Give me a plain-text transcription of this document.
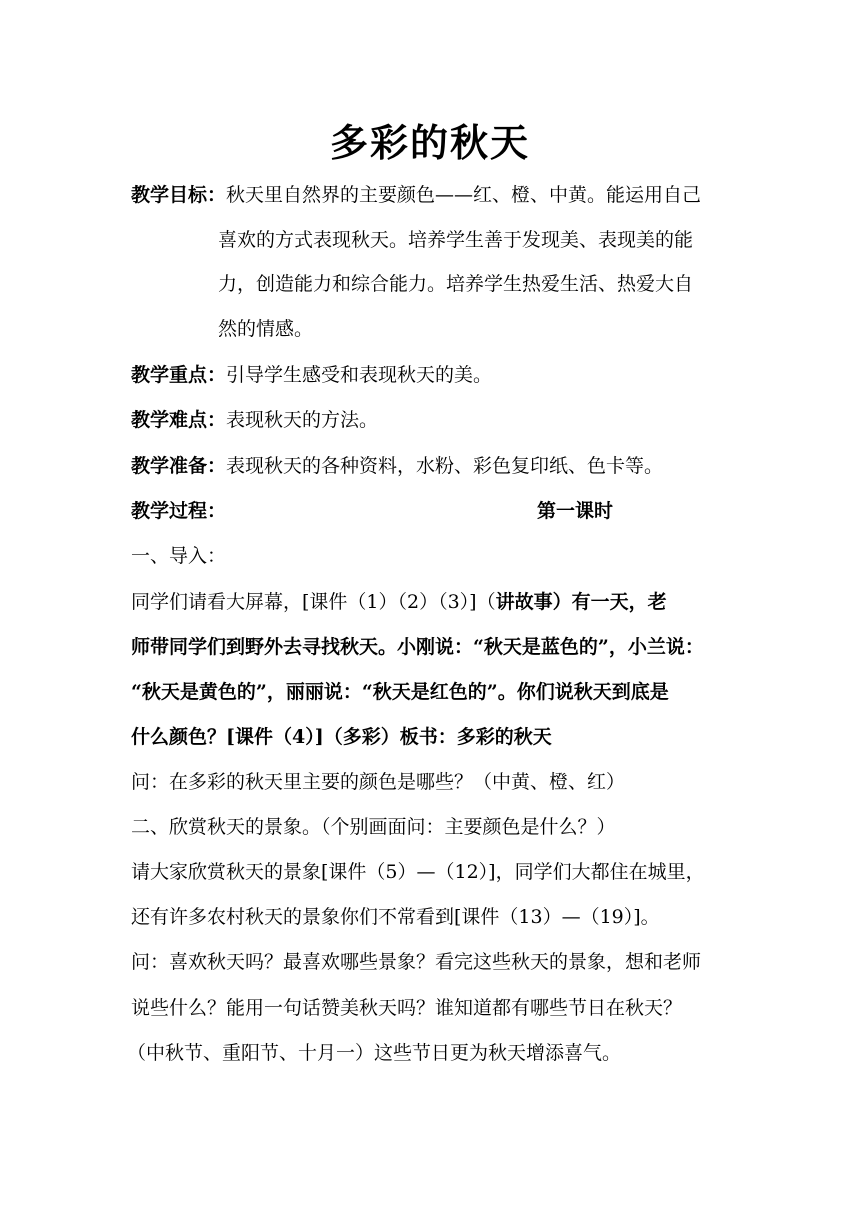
多彩的秋天
教学目标：秋天里自然界的主要颜色——红、橙、中黄。能运用自己
喜欢的方式表现秋天。培养学生善于发现美、表现美的能
力，创造能力和综合能力。培养学生热爱生活、热爱大自
然的情感。
教学重点：引导学生感受和表现秋天的美。
教学难点：表现秋天的方法。
教学准备：表现秋天的各种资料，水粉、彩色复印纸、色卡等。
教学过程：	第一课时
一、导入：
同学们请看大屏幕，[课件（1）（2）（3）]（讲故事）有一天，老
师带同学们到野外去寻找秋天。小刚说：“秋天是蓝色的”，小兰说：
“秋天是黄色的”，丽丽说：“秋天是红色的”。你们说秋天到底是
什么颜色？[课件（4）]（多彩）板书：多彩的秋天
问：在多彩的秋天里主要的颜色是哪些？（中黄、橙、红）
二、欣赏秋天的景象。（个别画面问：主要颜色是什么？）
请大家欣赏秋天的景象[课件（5）—（12）]，同学们大都住在城里，
还有许多农村秋天的景象你们不常看到[课件（13）—（19）]。
问：喜欢秋天吗？最喜欢哪些景象？看完这些秋天的景象，想和老师
说些什么？能用一句话赞美秋天吗？谁知道都有哪些节日在秋天？
（中秋节、重阳节、十月一）这些节日更为秋天增添喜气。
